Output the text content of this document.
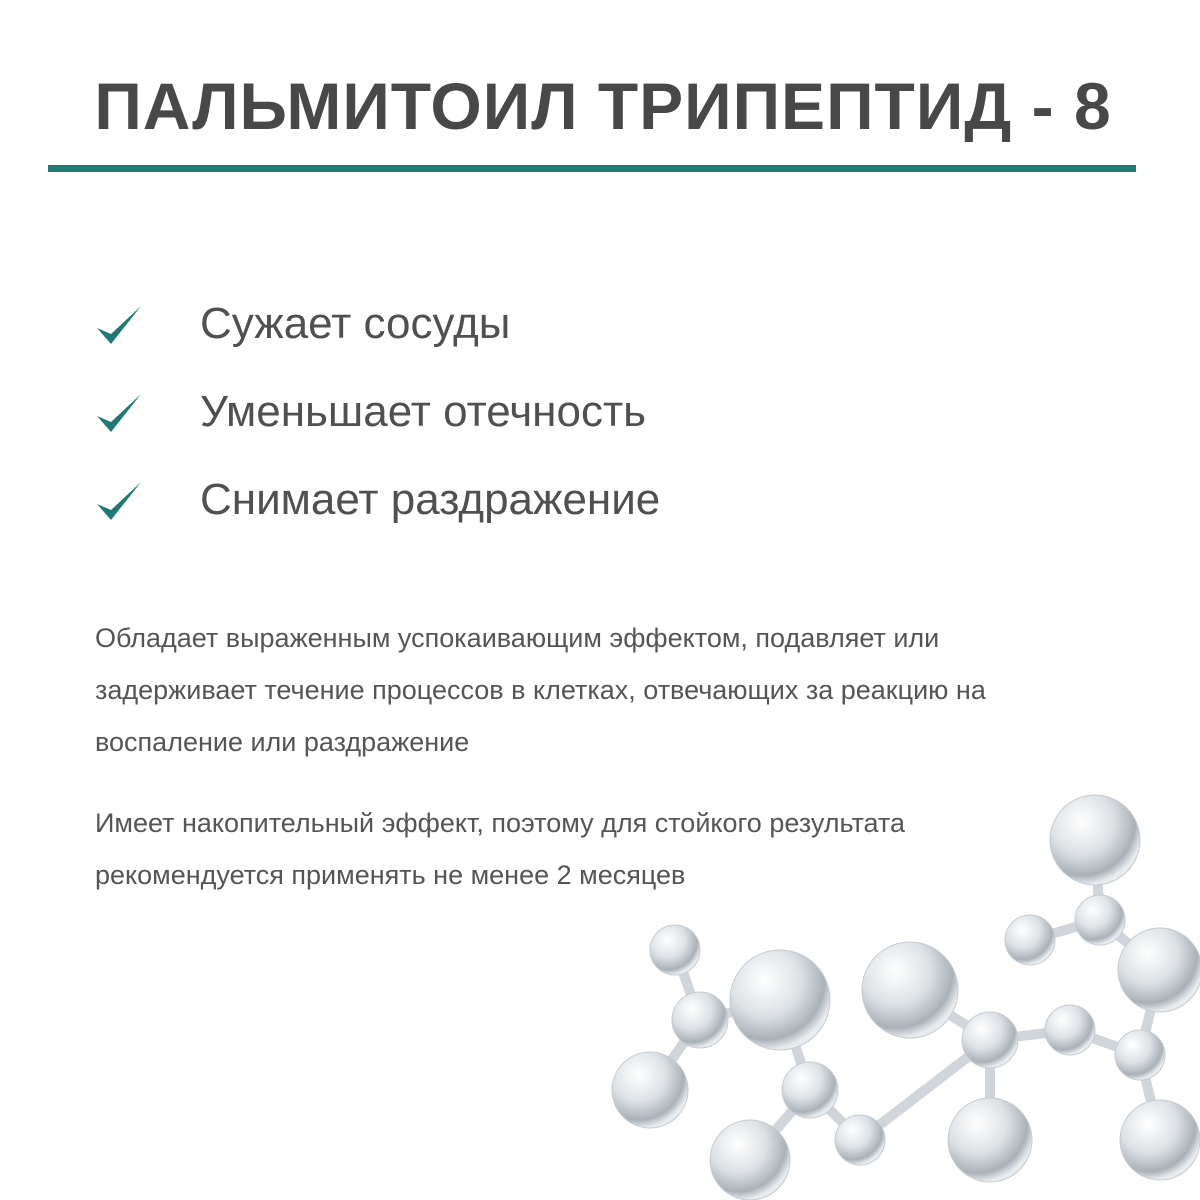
ПАЛЬМИТОИЛ ТРИПЕПТИД - 8
Сужает сосуды
Уменьшает отечность
Снимает раздражение
Обладает выраженным успокаивающим эффектом, подавляет или задерживает течение процессов в клетках, отвечающих за реакцию на воспаление или раздражение
Имеет накопительный эффект, поэтому для стойкого результата рекомендуется применять не менее 2 месяцев
